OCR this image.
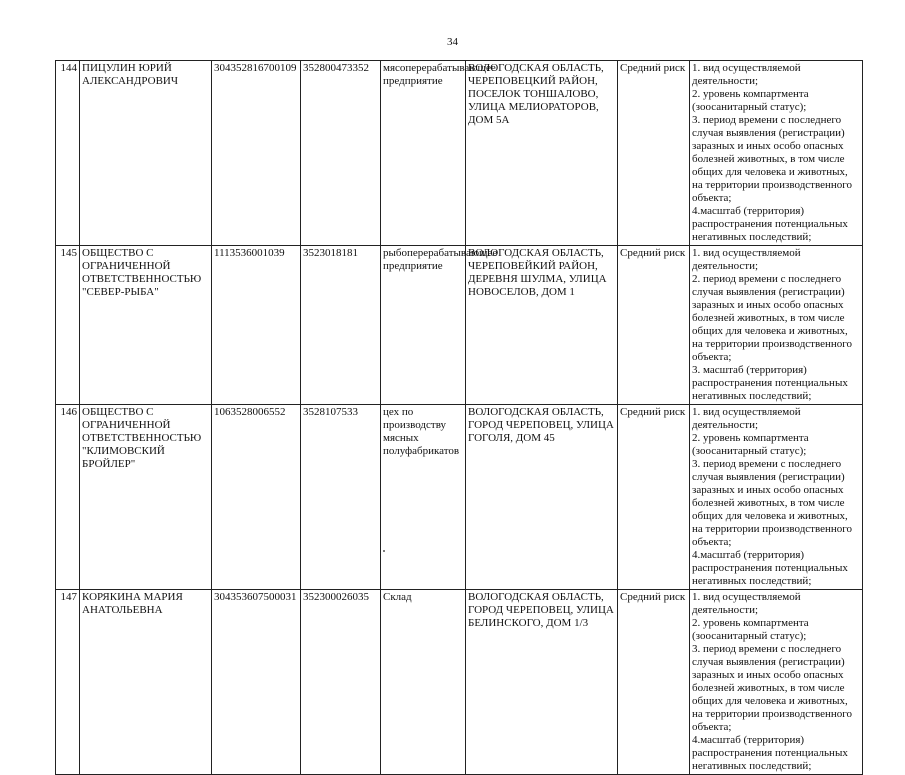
34
144	ПИЦУЛИН ЮРИЙ АЛЕКСАНДРОВИЧ	304352816700109	352800473352	мясоперерабатывающее предприятие	ВОЛОГОДСКАЯ ОБЛАСТЬ, ЧЕРЕПОВЕЦКИЙ РАЙОН, ПОСЕЛОК ТОНШАЛОВО, УЛИЦА МЕЛИОРАТОРОВ, ДОМ 5А	Средний риск	1. вид осуществляемой деятельности;
2. уровень компартмента (зоосанитарный статус);
3. период времени с последнего случая выявления (регистрации) заразных и иных особо опасных болезней животных, в том числе общих для человека и животных, на территории производственного объекта;
4.масштаб (территория) распространения потенциальных негативных последствий;

145	ОБЩЕСТВО С ОГРАНИЧЕННОЙ ОТВЕТСТВЕННОСТЬЮ "СЕВЕР-РЫБА"	1113536001039	3523018181	рыбоперерабатывающее предприятие	ВОЛОГОДСКАЯ ОБЛАСТЬ, ЧЕРЕПОВЕЙКИЙ РАЙОН, ДЕРЕВНЯ ШУЛМА, УЛИЦА НОВОСЕЛОВ, ДОМ 1	Средний риск	1. вид осуществляемой деятельности;
2. период времени с последнего случая выявления (регистрации) заразных и иных особо опасных болезней животных, в том числе общих для человека и животных, на территории производственного объекта;
3. масштаб (территория) распространения потенциальных негативных последствий;

146	ОБЩЕСТВО С ОГРАНИЧЕННОЙ ОТВЕТСТВЕННОСТЬЮ "КЛИМОВСКИЙ БРОЙЛЕР"	1063528006552	3528107533	цех по производству мясных полуфабрикатов	ВОЛОГОДСКАЯ ОБЛАСТЬ, ГОРОД ЧЕРЕПОВЕЦ, УЛИЦА ГОГОЛЯ, ДОМ 45	Средний риск	1. вид осуществляемой деятельности;
2. уровень компартмента (зоосанитарный статус);
3. период времени с последнего случая выявления (регистрации) заразных и иных особо опасных болезней животных, в том числе общих для человека и животных, на территории производственного объекта;
4.масштаб (территория) распространения потенциальных негативных последствий;

147	КОРЯКИНА МАРИЯ АНАТОЛЬЕВНА	304353607500031	352300026035	Склад	ВОЛОГОДСКАЯ ОБЛАСТЬ, ГОРОД ЧЕРЕПОВЕЦ, УЛИЦА БЕЛИНСКОГО, ДОМ 1/3	Средний риск	1. вид осуществляемой деятельности;
2. уровень компартмента (зоосанитарный статус);
3. период времени с последнего случая выявления (регистрации) заразных и иных особо опасных болезней животных, в том числе общих для человека и животных, на территории производственного объекта;
4.масштаб (территория) распространения потенциальных негативных последствий;
